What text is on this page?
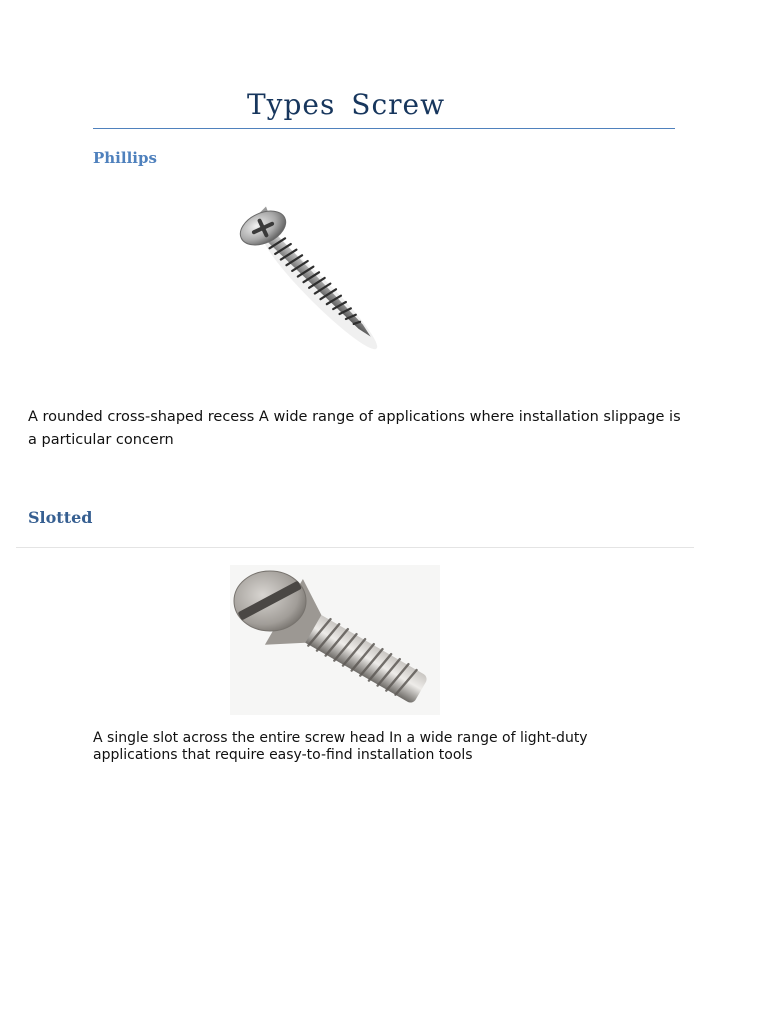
Types Screw
Phillips

A rounded cross-shaped recess A wide range of applications where installation slippage is a particular concern

Slotted

A single slot across the entire screw head In a wide range of light-duty applications that require easy-to-find installation tools
